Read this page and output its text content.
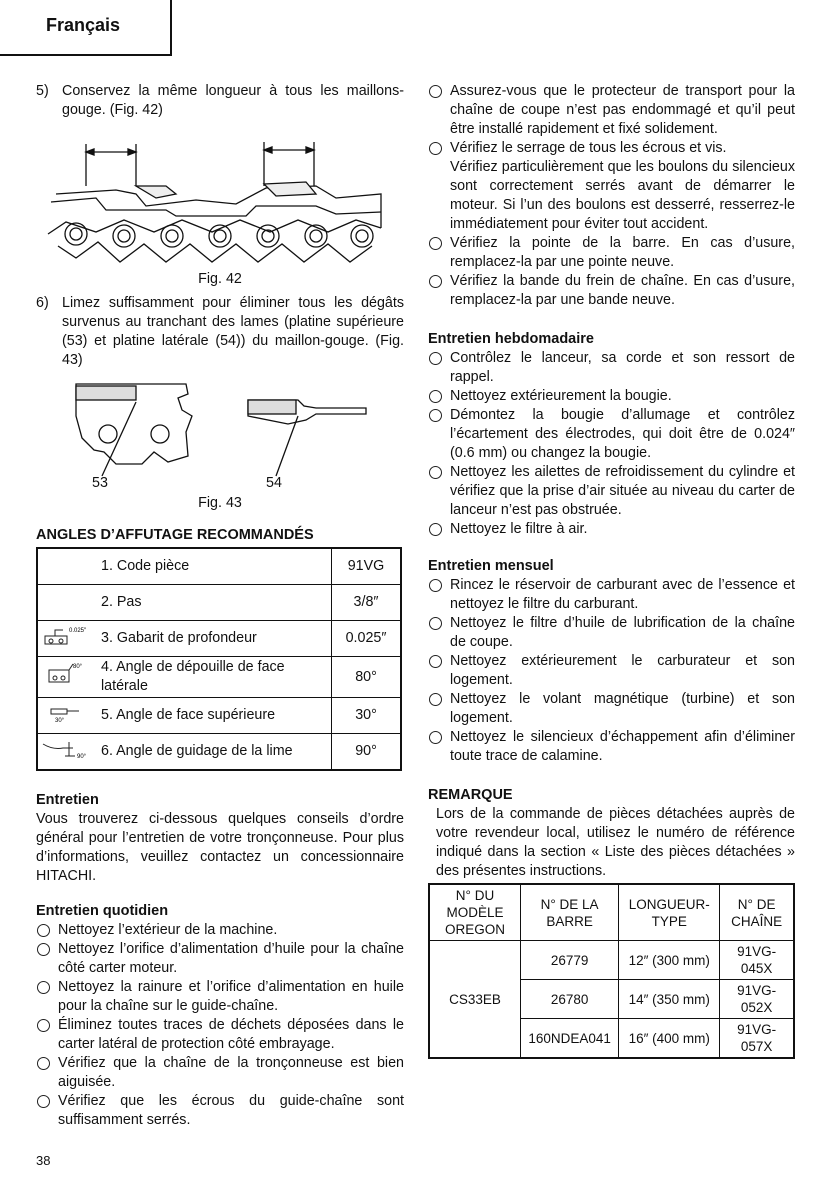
Français
5) Conservez la même longueur à tous les maillons-gouge. (Fig. 42)
Fig. 42
6) Limez suffisamment pour éliminer tous les dégâts survenus au tranchant des lames (platine supérieure (53) et platine latérale (54)) du maillon-gouge. (Fig. 43)
53	54
Fig. 43
ANGLES D’AFFUTAGE RECOMMANDÉS
	1. Code pièce	91VG
	2. Pas	3/8″

0.025″	3. Gabarit de profondeur	0.025″

80°	4. Angle de dépouille de face latérale	80°

30°	5. Angle de face supérieure	30°

90°	6. Angle de guidage de la lime	90°
Entretien
Vous trouverez ci-dessous quelques conseils d’ordre général pour l’entretien de votre tronçonneuse. Pour plus d’informations, veuillez contactez un concessionnaire HITACHI.
Entretien quotidien
Nettoyez l’extérieur de la machine.
Nettoyez l’orifice d’alimentation d’huile pour la chaîne côté carter moteur.
Nettoyez la rainure et l’orifice d’alimentation en huile pour la chaîne sur le guide-chaîne.
Éliminez toutes traces de déchets déposées dans le carter latéral de protection côté embrayage.
Vérifiez que la chaîne de la tronçonneuse est bien aiguisée.
Vérifiez que les écrous du guide-chaîne sont suffisamment serrés.
Assurez-vous que le protecteur de transport pour la chaîne de coupe n’est pas endommagé et qu’il peut être installé rapidement et fixé solidement.
Vérifiez le serrage de tous les écrous et vis.
Vérifiez particulièrement que les boulons du silencieux sont correctement serrés avant de démarrer le moteur. Si l’un des boulons est desserré, resserrez-le immédiatement pour éviter tout accident.
Vérifiez la pointe de la barre. En cas d’usure, remplacez-la par une pointe neuve.
Vérifiez la bande du frein de chaîne. En cas d’usure, remplacez-la par une bande neuve.
Entretien hebdomadaire
Contrôlez le lanceur, sa corde et son ressort de rappel.
Nettoyez extérieurement la bougie.
Démontez la bougie d’allumage et contrôlez l’écartement des électrodes, qui doit être de 0.024″ (0.6 mm) ou changez la bougie.
Nettoyez les ailettes de refroidissement du cylindre et vérifiez que la prise d’air située au niveau du carter de lanceur n’est pas obstruée.
Nettoyez le filtre à air.
Entretien mensuel
Rincez le réservoir de carburant avec de l’essence et nettoyez le filtre du carburant.
Nettoyez le filtre d’huile de lubrification de la chaîne de coupe.
Nettoyez extérieurement le carburateur et son logement.
Nettoyez le volant magnétique (turbine) et son logement.
Nettoyez le silencieux d’échappement afin d’éliminer toute trace de calamine.
REMARQUE
Lors de la commande de pièces détachées auprès de votre revendeur local, utilisez le numéro de référence indiqué dans la section « Liste des pièces détachées » des présentes instructions.
N° DU MODÈLE OREGON	N° DE LA BARRE	LONGUEUR-TYPE	N° DE CHAÎNE
CS33EB	26779	12″ (300 mm)	91VG-045X
	26780	14″ (350 mm)	91VG-052X
	160NDEA041	16″ (400 mm)	91VG-057X
38
